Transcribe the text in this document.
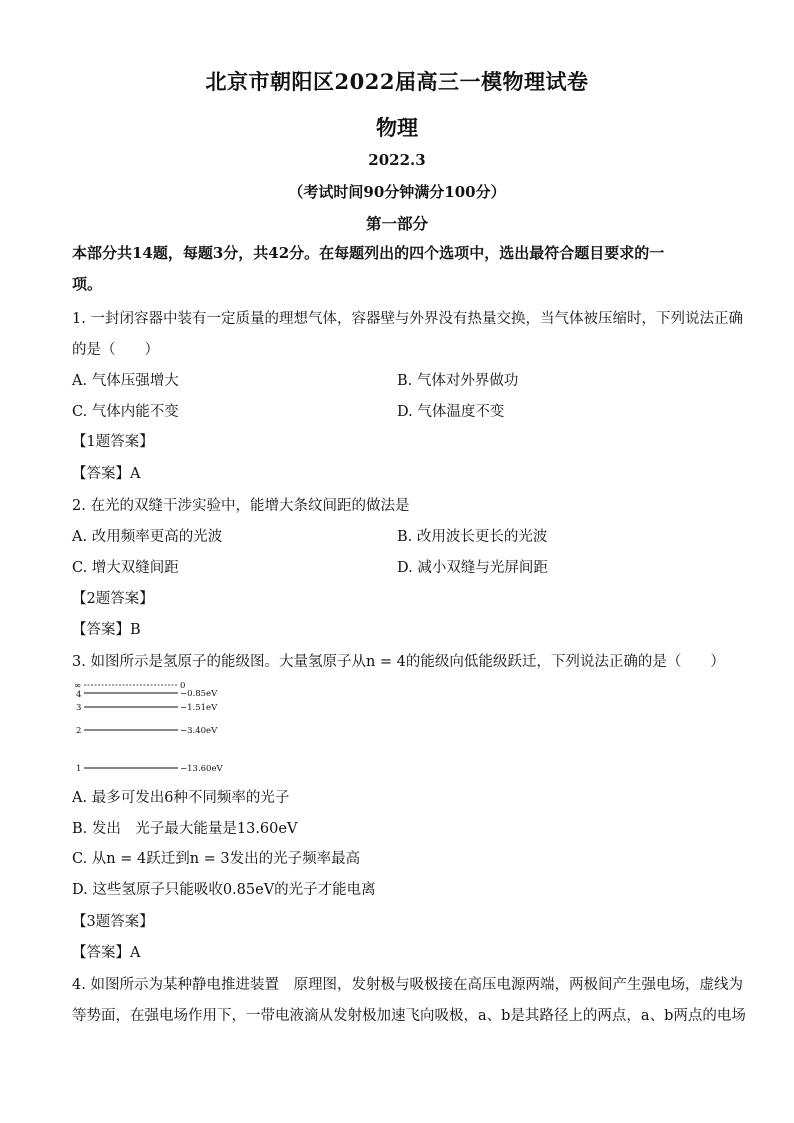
北京市朝阳区2022届高三一模物理试卷
物理
2022.3
（考试时间90分钟满分100分）
第一部分
本部分共14题，每题3分，共42分。在每题列出的四个选项中，选出最符合题目要求的一
项。
1. 一封闭容器中装有一定质量的理想气体，容器壁与外界没有热量交换，当气体被压缩时，下列说法正确
的是（　　）
A. 气体压强增大	B. 气体对外界做功
C. 气体内能不变	D. 气体温度不变
【1题答案】
【答案】A
2. 在光的双缝干涉实验中，能增大条纹间距的做法是
A. 改用频率更高的光波	B. 改用波长更长的光波
C. 增大双缝间距	D. 减小双缝与光屏间距
【2题答案】
【答案】B
3. 如图所示是氢原子的能级图。大量氢原子从n = 4的能级向低能级跃迁，下列说法正确的是（　　）
∞	0
4	−0.85eV
3	−1.51eV
2	−3.40eV
1	−13.60eV
A. 最多可发出6种不同频率的光子
B. 发出　光子最大能量是13.60eV
C. 从n = 4跃迁到n = 3发出的光子频率最高
D. 这些氢原子只能吸收0.85eV的光子才能电离
【3题答案】
【答案】A
4. 如图所示为某种静电推进装置　原理图，发射极与吸极接在高压电源两端，两极间产生强电场，虚线为
等势面，在强电场作用下，一带电液滴从发射极加速飞向吸极，a、b是其路径上的两点，a、b两点的电场
